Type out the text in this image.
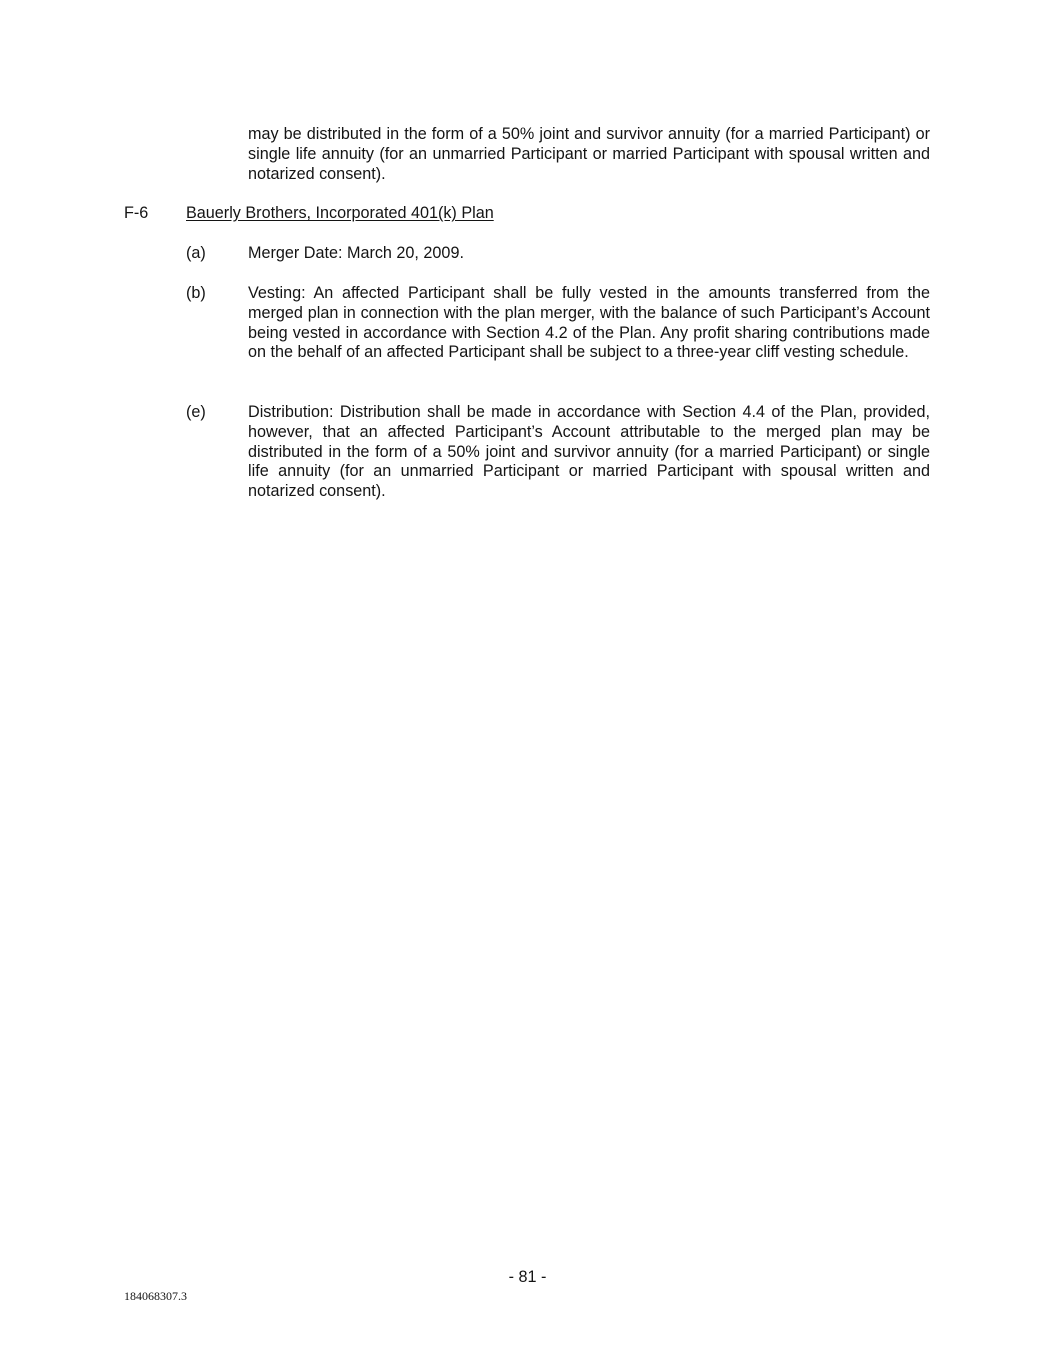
may be distributed in the form of a 50% joint and survivor annuity (for a married Participant) or single life annuity (for an unmarried Participant or married Participant with spousal written and notarized consent).
F-6 Bauerly Brothers, Incorporated 401(k) Plan
(a)	Merger Date: March 20, 2009.
(b)	Vesting: An affected Participant shall be fully vested in the amounts transferred from the merged plan in connection with the plan merger, with the balance of such Participant’s Account being vested in accordance with Section 4.2 of the Plan. Any profit sharing contributions made on the behalf of an affected Participant shall be subject to a three-year cliff vesting schedule.
(e)	Distribution: Distribution shall be made in accordance with Section 4.4 of the Plan, provided, however, that an affected Participant’s Account attributable to the merged plan may be distributed in the form of a 50% joint and survivor annuity (for a married Participant) or single life annuity (for an unmarried Participant or married Participant with spousal written and notarized consent).
- 81 -
184068307.3
